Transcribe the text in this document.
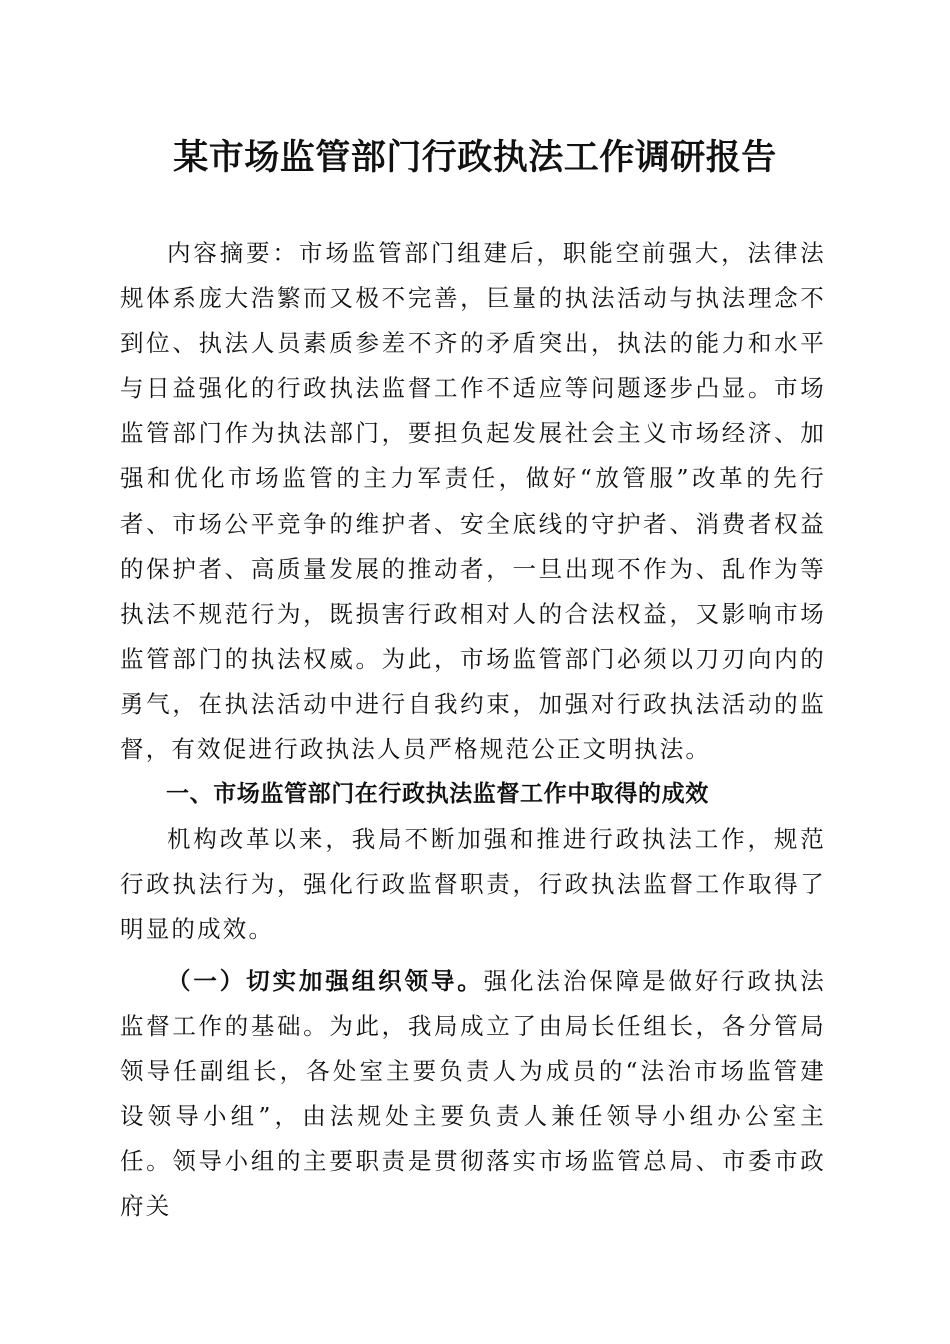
某市场监管部门行政执法工作调研报告

内容摘要：市场监管部门组建后，职能空前强大，法律法规体系庞大浩繁而又极不完善，巨量的执法活动与执法理念不到位、执法人员素质参差不齐的矛盾突出，执法的能力和水平与日益强化的行政执法监督工作不适应等问题逐步凸显。市场监管部门作为执法部门，要担负起发展社会主义市场经济、加强和优化市场监管的主力军责任，做好“放管服”改革的先行者、市场公平竞争的维护者、安全底线的守护者、消费者权益的保护者、高质量发展的推动者，一旦出现不作为、乱作为等执法不规范行为，既损害行政相对人的合法权益，又影响市场监管部门的执法权威。为此，市场监管部门必须以刀刃向内的勇气，在执法活动中进行自我约束，加强对行政执法活动的监督，有效促进行政执法人员严格规范公正文明执法。

一、市场监管部门在行政执法监督工作中取得的成效

机构改革以来，我局不断加强和推进行政执法工作，规范行政执法行为，强化行政监督职责，行政执法监督工作取得了明显的成效。

（一）切实加强组织领导。强化法治保障是做好行政执法监督工作的基础。为此，我局成立了由局长任组长，各分管局领导任副组长，各处室主要负责人为成员的“法治市场监管建设领导小组”，由法规处主要负责人兼任领导小组办公室主任。领导小组的主要职责是贯彻落实市场监管总局、市委市政府关
